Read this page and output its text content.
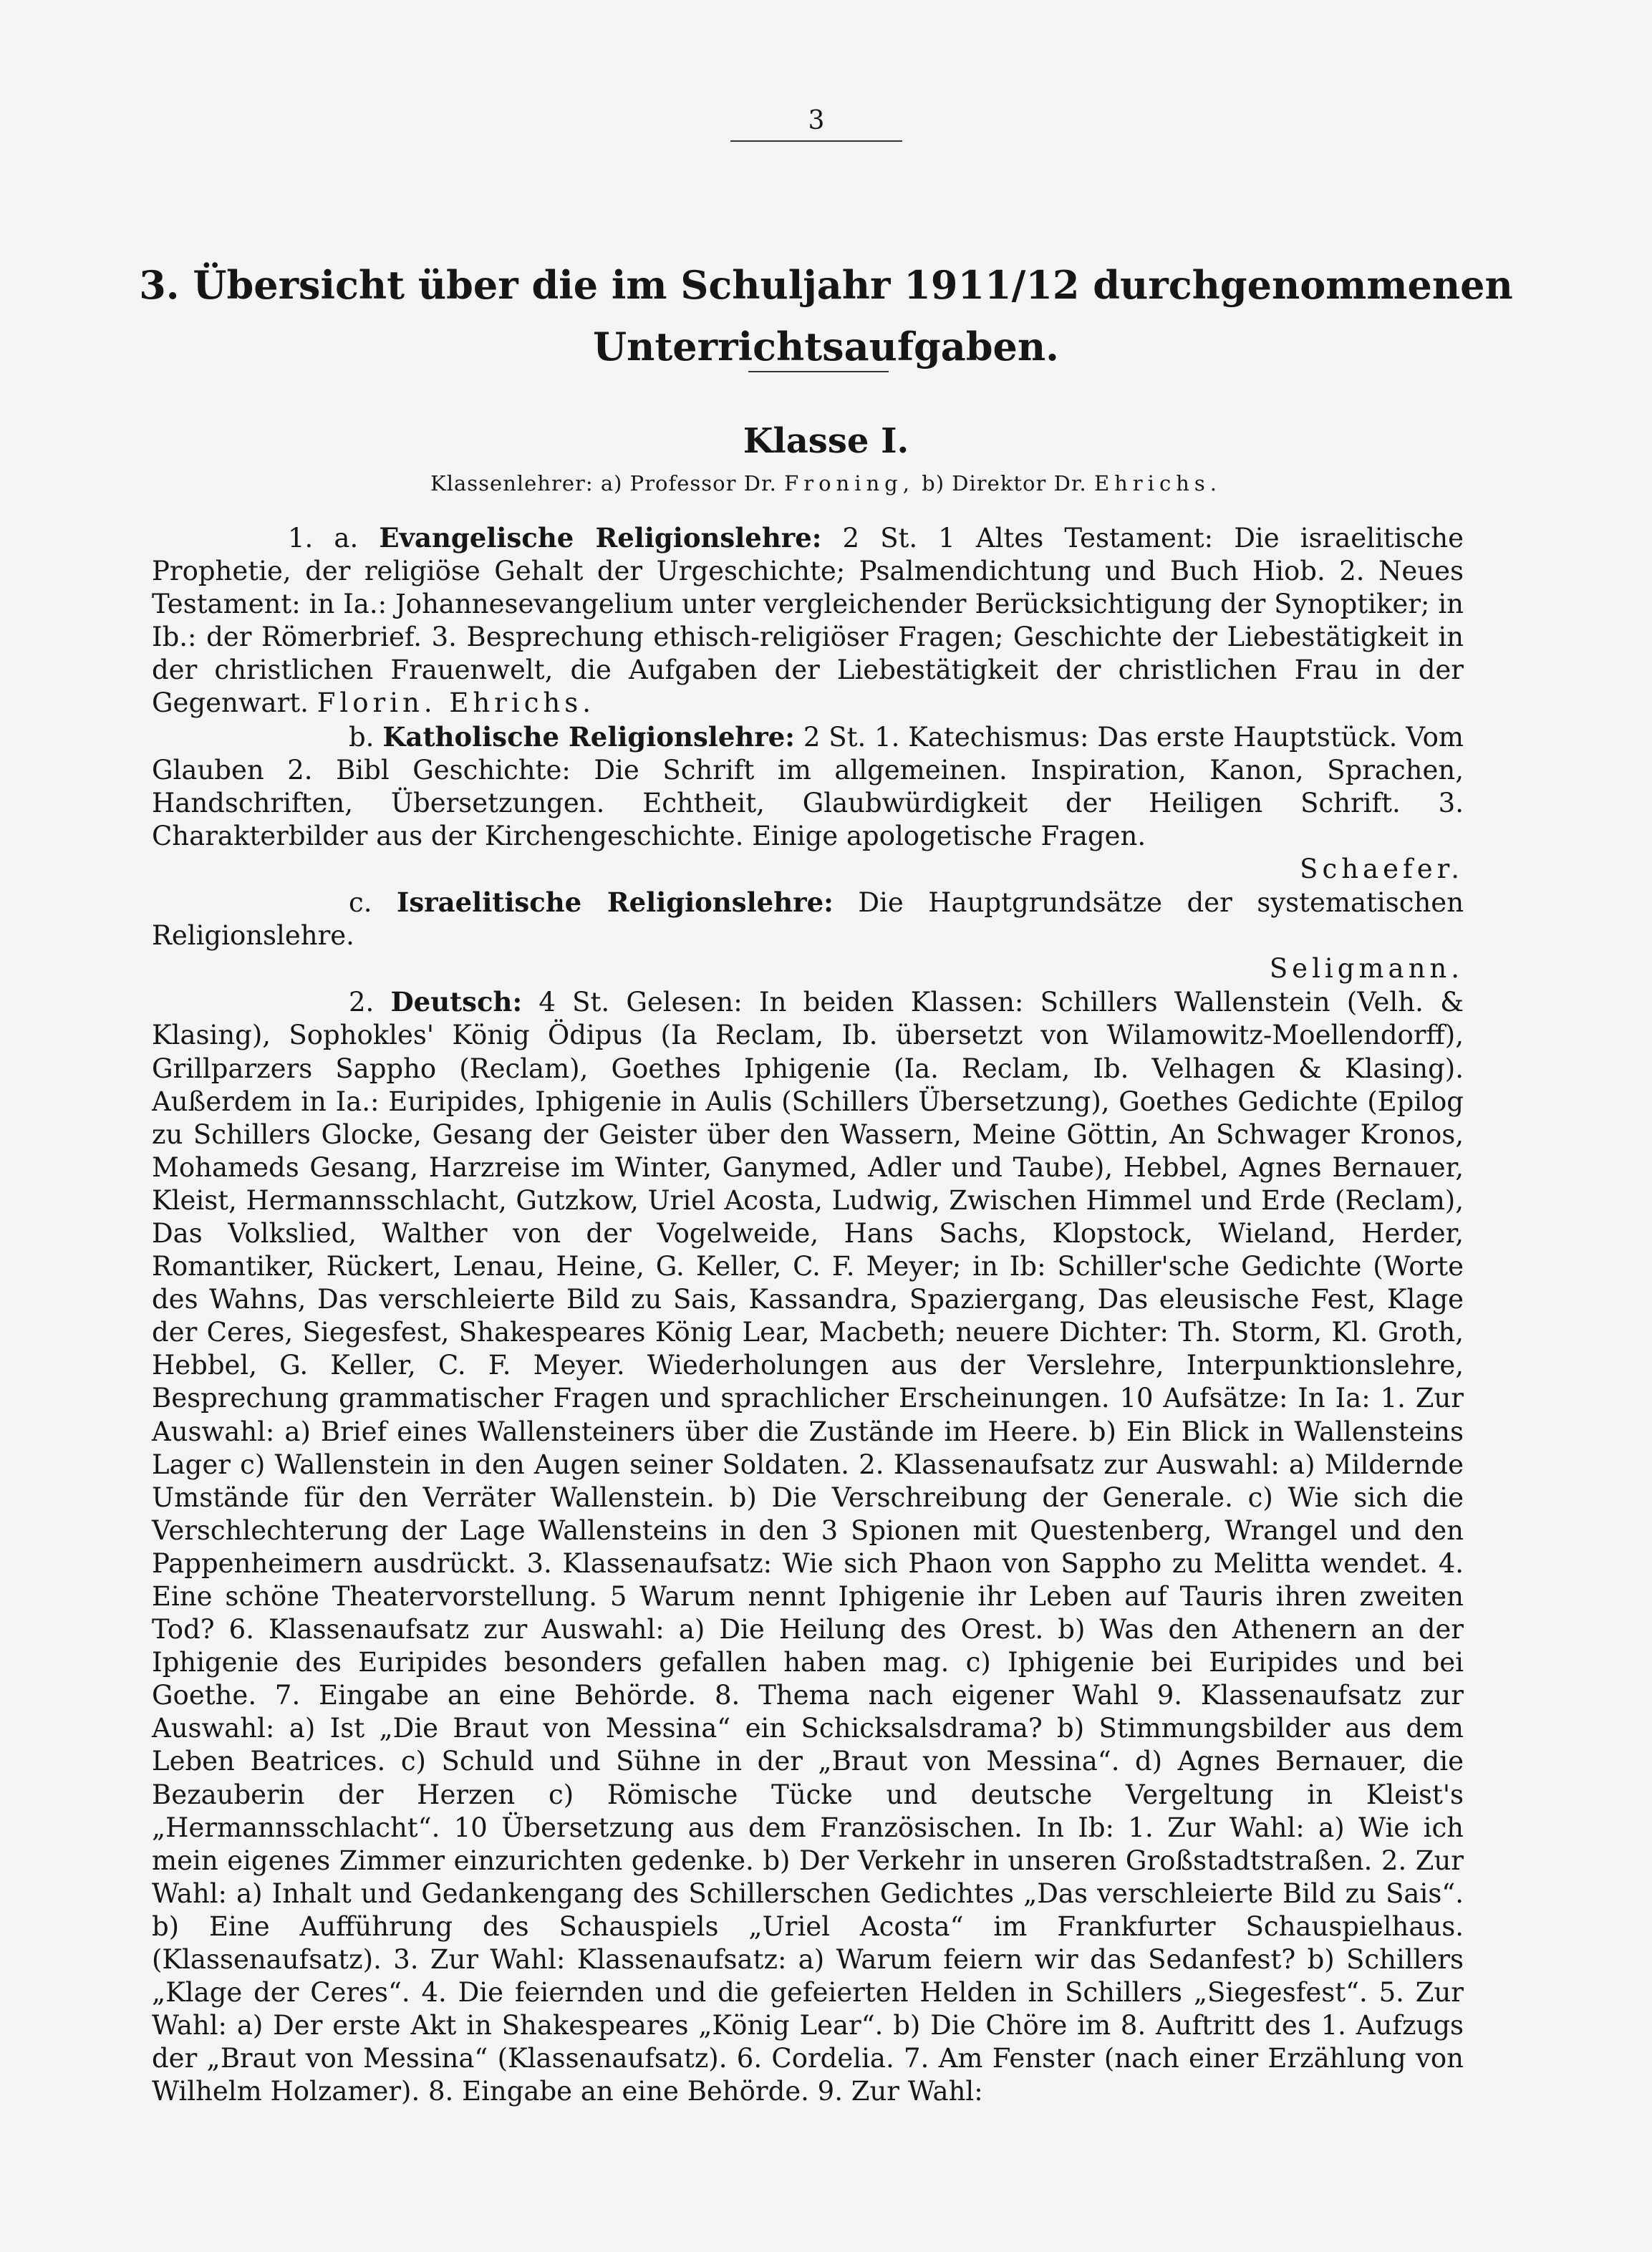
3
3. Übersicht über die im Schuljahr 1911/12 durchgenommenen Unterrichtsaufgaben.
Klasse I.
Klassenlehrer: a) Professor Dr. Froning, b) Direktor Dr. Ehrichs.

1. a. Evangelische Religionslehre: 2 St. 1 Altes Testament: Die israelitische Prophetie, der religiöse Gehalt der Urgeschichte; Psalmendichtung und Buch Hiob. 2. Neues Testament: in Ia.: Johannesevangelium unter vergleichender Berücksichtigung der Synoptiker; in Ib.: der Römerbrief. 3. Besprechung ethisch-religiöser Fragen; Geschichte der Liebestätigkeit in der christlichen Frauenwelt, die Aufgaben der Liebestätigkeit der christlichen Frau in der Gegenwart. Florin. Ehrichs.

b. Katholische Religionslehre: 2 St. 1. Katechismus: Das erste Hauptstück. Vom Glauben 2. Bibl Geschichte: Die Schrift im allgemeinen. Inspiration, Kanon, Sprachen, Handschriften, Übersetzungen. Echtheit, Glaubwürdigkeit der Heiligen Schrift. 3. Charakterbilder aus der Kirchengeschichte. Einige apologetische Fragen.

Schaefer.

c. Israelitische Religionslehre: Die Hauptgrundsätze der systematischen Religionslehre.

Seligmann.

2. Deutsch: 4 St. Gelesen: In beiden Klassen: Schillers Wallenstein (Velh. & Klasing), Sophokles' König Ödipus (Ia Reclam, Ib. übersetzt von Wilamowitz-Moellendorff), Grillparzers Sappho (Reclam), Goethes Iphigenie (Ia. Reclam, Ib. Velhagen & Klasing). Außerdem in Ia.: Euripides, Iphigenie in Aulis (Schillers Übersetzung), Goethes Gedichte (Epilog zu Schillers Glocke, Gesang der Geister über den Wassern, Meine Göttin, An Schwager Kronos, Mohameds Gesang, Harzreise im Winter, Ganymed, Adler und Taube), Hebbel, Agnes Bernauer, Kleist, Hermannsschlacht, Gutzkow, Uriel Acosta, Ludwig, Zwischen Himmel und Erde (Reclam), Das Volkslied, Walther von der Vogelweide, Hans Sachs, Klopstock, Wieland, Herder, Romantiker, Rückert, Lenau, Heine, G. Keller, C. F. Meyer; in Ib: Schiller'sche Gedichte (Worte des Wahns, Das verschleierte Bild zu Sais, Kassandra, Spaziergang, Das eleusische Fest, Klage der Ceres, Siegesfest, Shakespeares König Lear, Macbeth; neuere Dichter: Th. Storm, Kl. Groth, Hebbel, G. Keller, C. F. Meyer. Wiederholungen aus der Verslehre, Interpunktionslehre, Besprechung grammatischer Fragen und sprachlicher Erscheinungen. 10 Aufsätze: In Ia: 1. Zur Auswahl: a) Brief eines Wallensteiners über die Zustände im Heere. b) Ein Blick in Wallensteins Lager c) Wallenstein in den Augen seiner Soldaten. 2. Klassenaufsatz zur Auswahl: a) Mildernde Umstände für den Verräter Wallenstein. b) Die Verschreibung der Generale. c) Wie sich die Verschlechterung der Lage Wallensteins in den 3 Spionen mit Questenberg, Wrangel und den Pappenheimern ausdrückt. 3. Klassenaufsatz: Wie sich Phaon von Sappho zu Melitta wendet. 4. Eine schöne Theatervorstellung. 5 Warum nennt Iphigenie ihr Leben auf Tauris ihren zweiten Tod? 6. Klassenaufsatz zur Auswahl: a) Die Heilung des Orest. b) Was den Athenern an der Iphigenie des Euripides besonders gefallen haben mag. c) Iphigenie bei Euripides und bei Goethe. 7. Eingabe an eine Behörde. 8. Thema nach eigener Wahl 9. Klassenaufsatz zur Auswahl: a) Ist „Die Braut von Messina“ ein Schicksalsdrama? b) Stimmungsbilder aus dem Leben Beatrices. c) Schuld und Sühne in der „Braut von Messina“. d) Agnes Bernauer, die Bezauberin der Herzen c) Römische Tücke und deutsche Vergeltung in Kleist's „Hermannsschlacht“. 10 Übersetzung aus dem Französischen. In Ib: 1. Zur Wahl: a) Wie ich mein eigenes Zimmer einzurichten gedenke. b) Der Verkehr in unseren Großstadtstraßen. 2. Zur Wahl: a) Inhalt und Gedankengang des Schillerschen Gedichtes „Das verschleierte Bild zu Sais“. b) Eine Aufführung des Schauspiels „Uriel Acosta“ im Frankfurter Schauspielhaus. (Klassenaufsatz). 3. Zur Wahl: Klassenaufsatz: a) Warum feiern wir das Sedanfest? b) Schillers „Klage der Ceres“. 4. Die feiernden und die gefeierten Helden in Schillers „Siegesfest“. 5. Zur Wahl: a) Der erste Akt in Shakespeares „König Lear“. b) Die Chöre im 8. Auftritt des 1. Aufzugs der „Braut von Messina“ (Klassenaufsatz). 6. Cordelia. 7. Am Fenster (nach einer Erzählung von Wilhelm Holzamer). 8. Eingabe an eine Behörde. 9. Zur Wahl:
